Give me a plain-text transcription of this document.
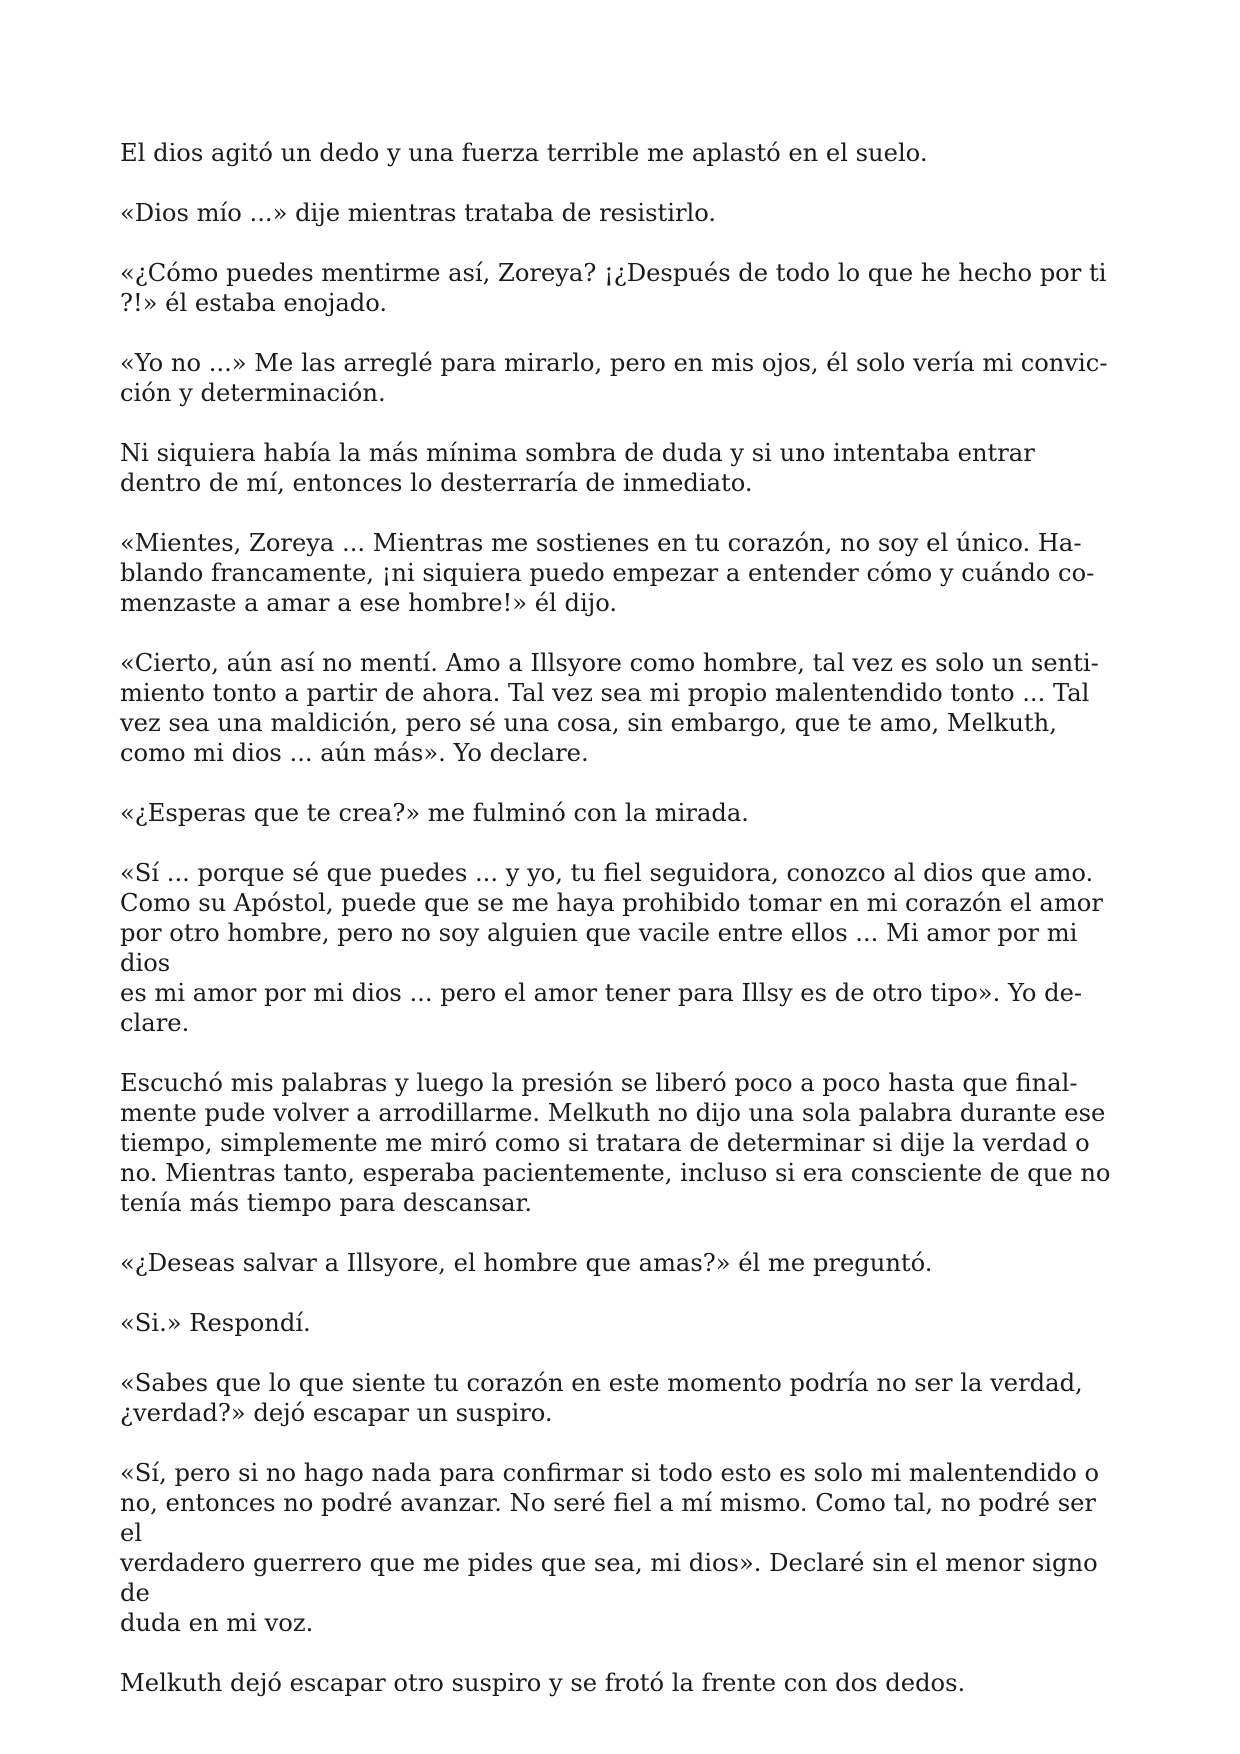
El dios agitó un dedo y una fuerza terrible me aplastó en el suelo.

«Dios mío ...» dije mientras trataba de resistirlo.

«¿Cómo puedes mentirme así, Zoreya? ¡¿Después de todo lo que he hecho por ti
?!» él estaba enojado.

«Yo no ...» Me las arreglé para mirarlo, pero en mis ojos, él solo vería mi convic-
ción y determinación.

Ni siquiera había la más mínima sombra de duda y si uno intentaba entrar
dentro de mí, entonces lo desterraría de inmediato.

«Mientes, Zoreya ... Mientras me sostienes en tu corazón, no soy el único. Ha-
blando francamente, ¡ni siquiera puedo empezar a entender cómo y cuándo co-
menzaste a amar a ese hombre!» él dijo.

«Cierto, aún así no mentí. Amo a Illsyore como hombre, tal vez es solo un senti-
miento tonto a partir de ahora. Tal vez sea mi propio malentendido tonto ... Tal
vez sea una maldición, pero sé una cosa, sin embargo, que te amo, Melkuth,
como mi dios ... aún más». Yo declare.

«¿Esperas que te crea?» me fulminó con la mirada.

«Sí ... porque sé que puedes ... y yo, tu fiel seguidora, conozco al dios que amo.
Como su Apóstol, puede que se me haya prohibido tomar en mi corazón el amor
por otro hombre, pero no soy alguien que vacile entre ellos ... Mi amor por mi dios
es mi amor por mi dios ... pero el amor tener para Illsy es de otro tipo». Yo de-
clare.

Escuchó mis palabras y luego la presión se liberó poco a poco hasta que final-
mente pude volver a arrodillarme. Melkuth no dijo una sola palabra durante ese
tiempo, simplemente me miró como si tratara de determinar si dije la verdad o
no. Mientras tanto, esperaba pacientemente, incluso si era consciente de que no
tenía más tiempo para descansar.

«¿Deseas salvar a Illsyore, el hombre que amas?» él me preguntó.

«Si.» Respondí.

«Sabes que lo que siente tu corazón en este momento podría no ser la verdad,
¿verdad?» dejó escapar un suspiro.

«Sí, pero si no hago nada para confirmar si todo esto es solo mi malentendido o
no, entonces no podré avanzar. No seré fiel a mí mismo. Como tal, no podré ser el
verdadero guerrero que me pides que sea, mi dios». Declaré sin el menor signo de
duda en mi voz.

Melkuth dejó escapar otro suspiro y se frotó la frente con dos dedos.
